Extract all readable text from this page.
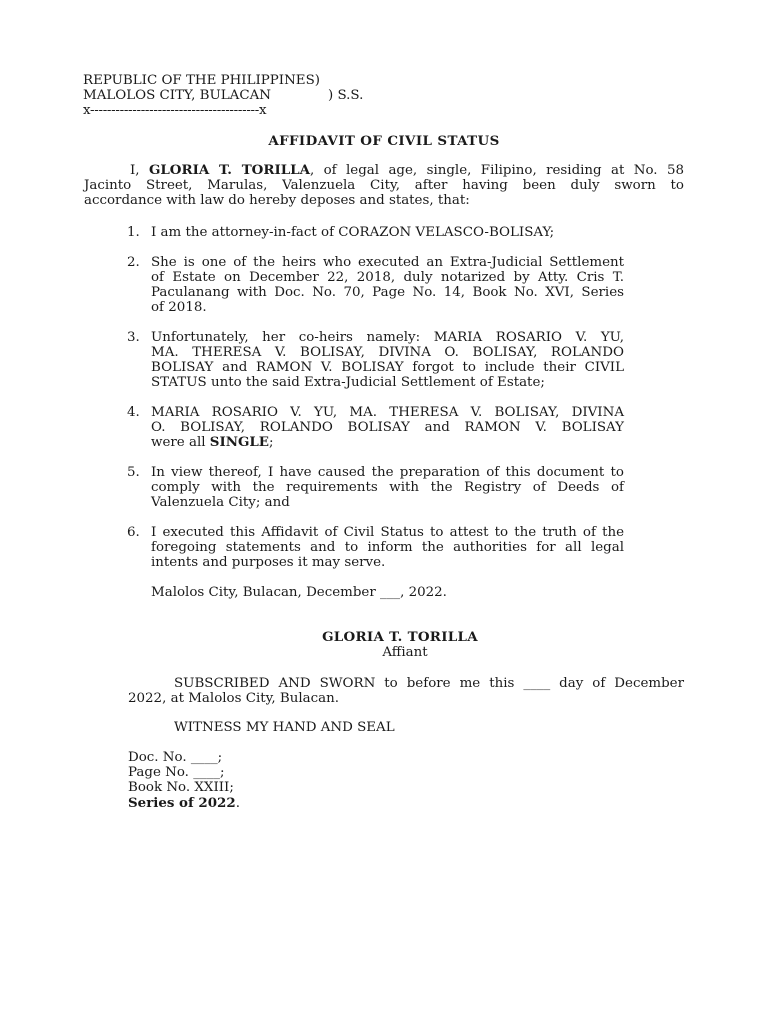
REPUBLIC OF THE PHILIPPINES)
MALOLOS CITY, BULACAN	) S.S.
x----------------------------------------x
AFFIDAVIT OF CIVIL STATUS
I, GLORIA T. TORILLA, of legal age, single, Filipino, residing at No. 58
Jacinto Street, Marulas, Valenzuela City, after having been duly sworn to
accordance with law do hereby deposes and states, that:
1. I am the attorney-in-fact of CORAZON VELASCO-BOLISAY;
2. She is one of the heirs who executed an Extra-Judicial Settlement
of Estate on December 22, 2018, duly notarized by Atty. Cris T.
Paculanang with Doc. No. 70, Page No. 14, Book No. XVI, Series
of 2018.
3. Unfortunately, her co-heirs namely: MARIA ROSARIO V. YU,
MA. THERESA V. BOLISAY, DIVINA O. BOLISAY, ROLANDO
BOLISAY and RAMON V. BOLISAY forgot to include their CIVIL
STATUS unto the said Extra-Judicial Settlement of Estate;
4. MARIA ROSARIO V. YU, MA. THERESA V. BOLISAY, DIVINA
O. BOLISAY, ROLANDO BOLISAY and RAMON V. BOLISAY
were all SINGLE;
5. In view thereof, I have caused the preparation of this document to
comply with the requirements with the Registry of Deeds of
Valenzuela City; and
6. I executed this Affidavit of Civil Status to attest to the truth of the
foregoing statements and to inform the authorities for all legal
intents and purposes it may serve.
Malolos City, Bulacan, December ___, 2022.
GLORIA T. TORILLA
Affiant
SUBSCRIBED AND SWORN to before me this ____ day of December
2022, at Malolos City, Bulacan.
WITNESS MY HAND AND SEAL
Doc. No. ____;
Page No. ____;
Book No. XXIII;
Series of 2022.
